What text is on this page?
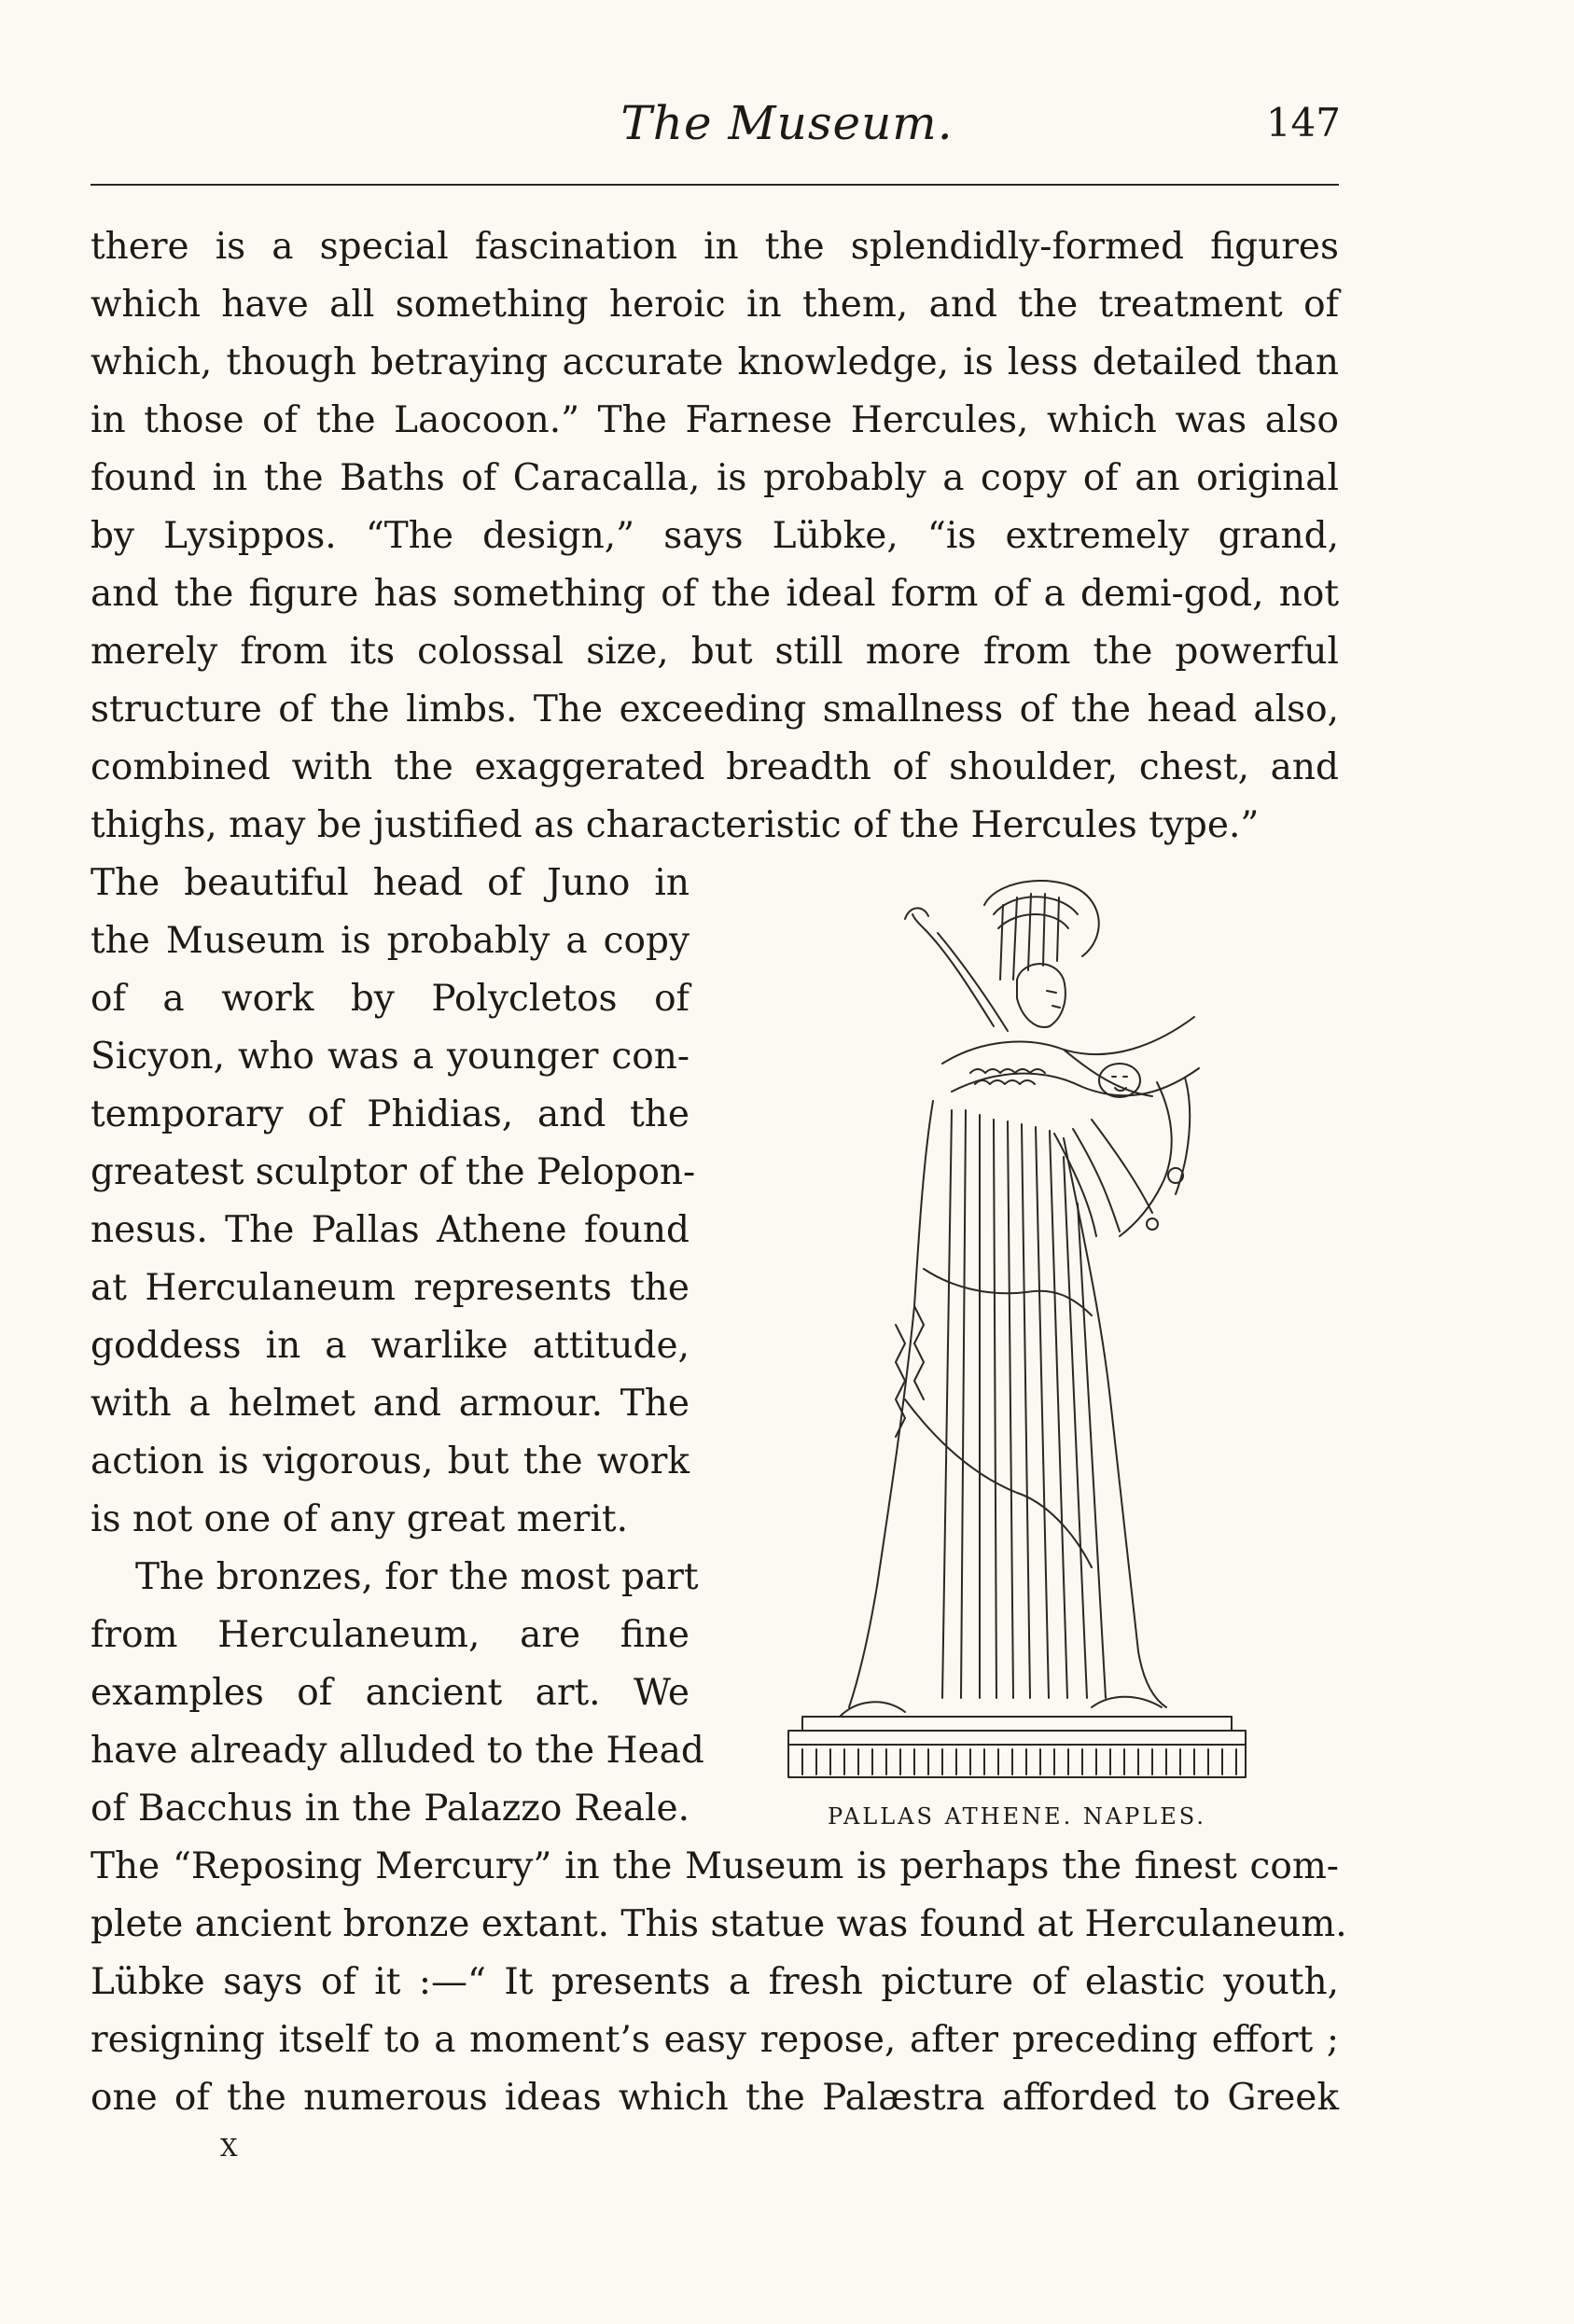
The Museum.	147
there is a special fascination in the splendidly-formed figures
which have all something heroic in them, and the treatment of
which, though betraying accurate knowledge, is less detailed than
in those of the Laocoon.” The Farnese Hercules, which was also
found in the Baths of Caracalla, is probably a copy of an original
by Lysippos. “The design,” says Lübke, “is extremely grand,
and the figure has something of the ideal form of a demi-god, not
merely from its colossal size, but still more from the powerful
structure of the limbs. The exceeding smallness of the head also,
combined with the exaggerated breadth of shoulder, chest, and
thighs, may be justified as characteristic of the Hercules type.”
The beautiful head of Juno in
the Museum is probably a copy
of a work by Polycletos of
Sicyon, who was a younger con-
temporary of Phidias, and the
greatest sculptor of the Pelopon-
nesus. The Pallas Athene found
at Herculaneum represents the
goddess in a warlike attitude,
with a helmet and armour. The
action is vigorous, but the work
is not one of any great merit.
The bronzes, for the most part
from Herculaneum, are fine
examples of ancient art. We
have already alluded to the Head
of Bacchus in the Palazzo Reale.
The “Reposing Mercury” in the Museum is perhaps the finest com-
plete ancient bronze extant. This statue was found at Herculaneum.
Lübke says of it :—“ It presents a fresh picture of elastic youth,
resigning itself to a moment’s easy repose, after preceding effort ;
one of the numerous ideas which the Palæstra afforded to Greek
PALLAS ATHENE. NAPLES.
X
